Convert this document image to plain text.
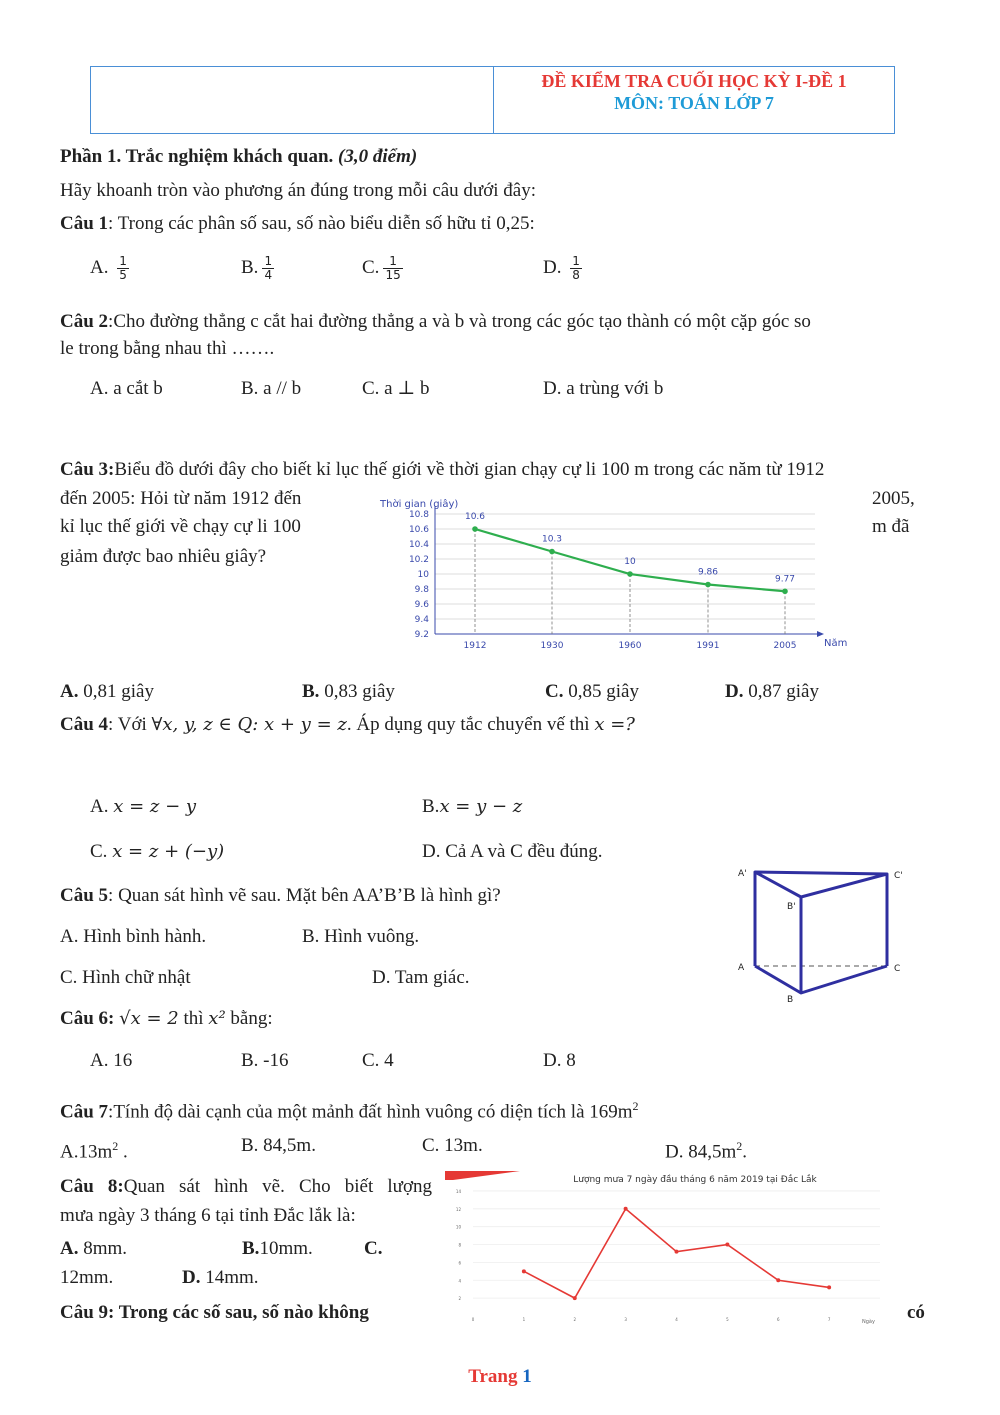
ĐỀ KIỂM TRA CUỐI HỌC KỲ I-ĐỀ 1
MÔN: TOÁN LỚP 7
Phần 1. Trắc nghiệm khách quan. (3,0 điểm)
Hãy khoanh tròn vào phương án đúng trong mỗi câu dưới đây:
Câu 1: Trong các phân số sau, số nào biểu diễn số hữu tỉ 0,25:
A. $\frac{1}{5}$	B. $\frac{1}{4}$	C. $\frac{1}{15}$	D. $\frac{1}{8}$
Câu 2:Cho đường thẳng c cắt hai đường thẳng a và b và trong các góc tạo thành có một cặp góc so
le trong bằng nhau thì …….
A. a cắt b	B. a // b	C. a ⊥ b	D. a trùng với b
Câu 3:Biểu đồ dưới đây cho biết kỉ lục thế giới về thời gian chạy cự li 100 m trong các năm từ 1912
đến 2005: Hỏi từ năm 1912 đến
kỉ lục thế giới về chạy cự li 100
giảm được bao nhiêu giây?
2005,
m đã
Thời gian (giây)
Năm
10.8
10.6
10.4
10.2
10
9.8
9.6
9.4
9.2
1912	1930	1960	1991	2005
10.6
10.3
10
9.86
9.77
A. 0,81 giây	B. 0,83 giây	C. 0,85 giây	D. 0,87 giây
Câu 4: Với ∀x, y, z ∈ Q: x + y = z. Áp dụng quy tắc chuyển vế thì x =?
A. x = z − y	B.x = y − z
C. x = z + (−y)	D. Cả A và C đều đúng.
Câu 5: Quan sát hình vẽ sau. Mặt bên AA’B’B là hình gì?
A. Hình bình hành.	B. Hình vuông.
C. Hình chữ nhật	D. Tam giác.
A'	C'
B'
A	C
B
Câu 6: √x = 2 thì x² bằng:
A. 16	B. -16	C. 4	D. 8
Câu 7:Tính độ dài cạnh của một mảnh đất hình vuông có diện tích là $169m^2$
$A.13m^2$ .	B. 84,5m.	C. 13m.	D. $84,5m^2$.
Câu 8:Quan sát hình vẽ. Cho biết lượng
mưa ngày 3 tháng 6 tại tỉnh Đắc lắk là:
A. 8mm.	B.10mm.	C.
12mm.	D. 14mm.
Lượng mưa 7 ngày đầu tháng 6 năm 2019 tại Đắc Lắk
Ngày
14
12
10
8
6
4
2
0	1	2	3	4	5	6	7
Câu 9: Trong các số sau, số nào không	có
Trang 1
